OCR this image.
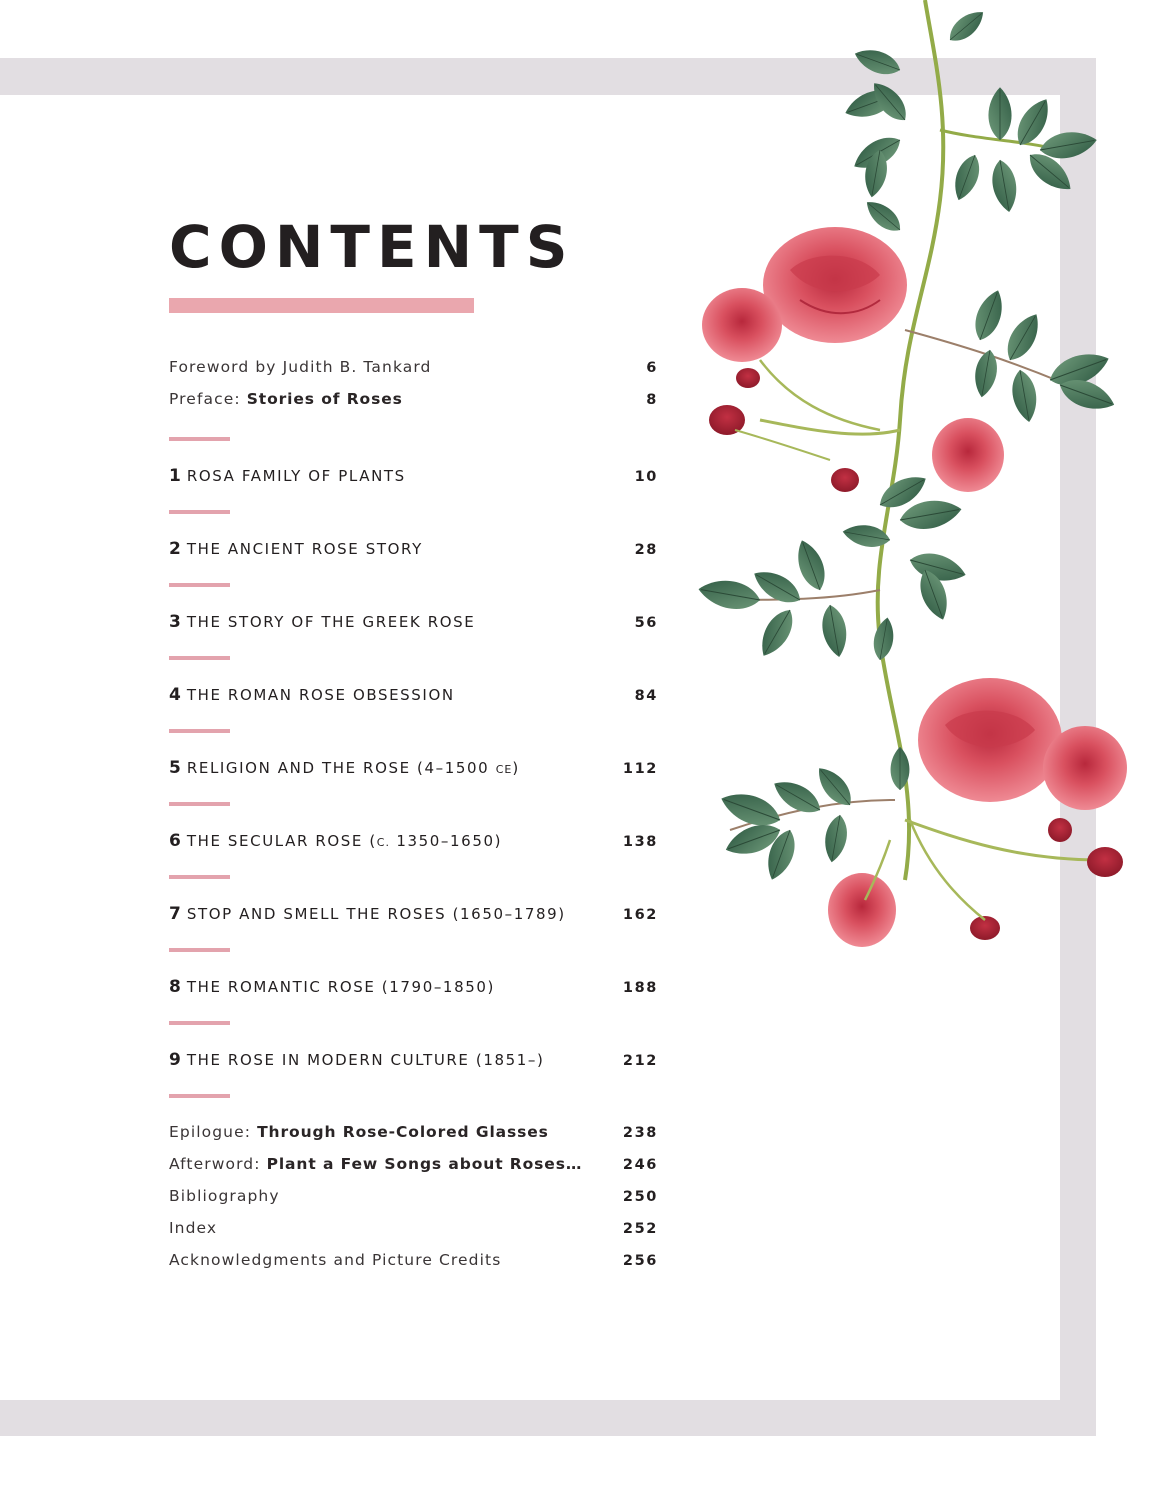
CONTENTS
Foreword by Judith B. Tankard	6
Preface: Stories of Roses	8
1 ROSA FAMILY OF PLANTS	10
2 THE ANCIENT ROSE STORY	28
3 THE STORY OF THE GREEK ROSE	56
4 THE ROMAN ROSE OBSESSION	84
5 RELIGION AND THE ROSE (4–1500 CE)	112
6 THE SECULAR ROSE (C. 1350–1650)	138
7 STOP AND SMELL THE ROSES (1650–1789)	162
8 THE ROMANTIC ROSE (1790–1850)	188
9 THE ROSE IN MODERN CULTURE (1851–)	212
Epilogue: Through Rose-Colored Glasses	238
Afterword: Plant a Few Songs about Roses…	246
Bibliography	250
Index	252
Acknowledgments and Picture Credits	256
